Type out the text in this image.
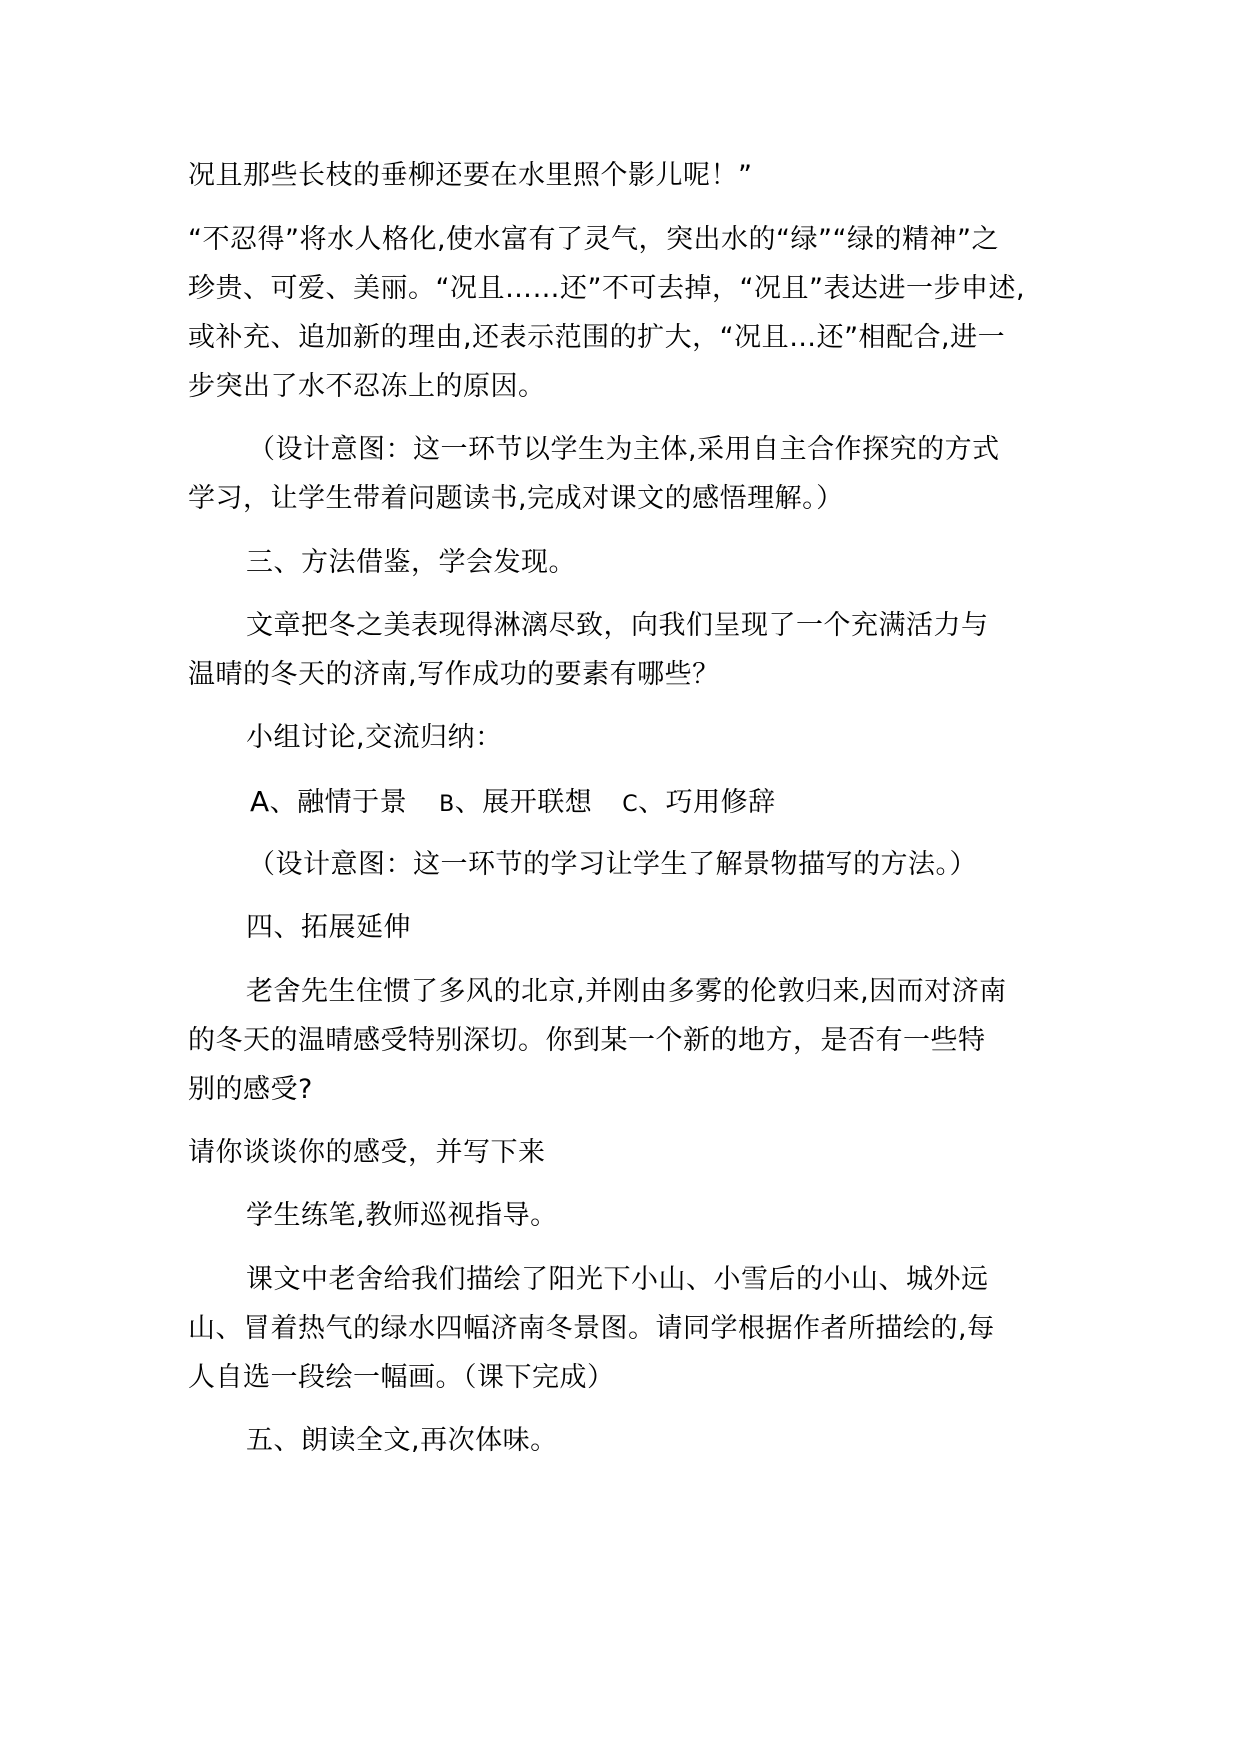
况且那些长枝的垂柳还要在水里照个影儿呢！”
“不忍得”将水人格化,使水富有了灵气，突出水的“绿”“绿的精神”之
珍贵、可爱、美丽。“况且……还”不可去掉，“况且”表达进一步申述,
或补充、追加新的理由,还表示范围的扩大，“况且…还”相配合,进一
步突出了水不忍冻上的原因。
（设计意图：这一环节以学生为主体,采用自主合作探究的方式
学习，让学生带着问题读书,完成对课文的感悟理解。）
三、方法借鉴，学会发现。
文章把冬之美表现得淋漓尽致，向我们呈现了一个充满活力与
温晴的冬天的济南,写作成功的要素有哪些？
小组讨论,交流归纳：
A、融情于景 B、展开联想 C、巧用修辞
（设计意图：这一环节的学习让学生了解景物描写的方法。）
四、拓展延伸
老舍先生住惯了多风的北京,并刚由多雾的伦敦归来,因而对济南
的冬天的温晴感受特别深切。你到某一个新的地方，是否有一些特
别的感受?
请你谈谈你的感受，并写下来
学生练笔,教师巡视指导。
课文中老舍给我们描绘了阳光下小山、小雪后的小山、城外远
山、冒着热气的绿水四幅济南冬景图。请同学根据作者所描绘的,每
人自选一段绘一幅画。（课下完成）
五、朗读全文,再次体味。
